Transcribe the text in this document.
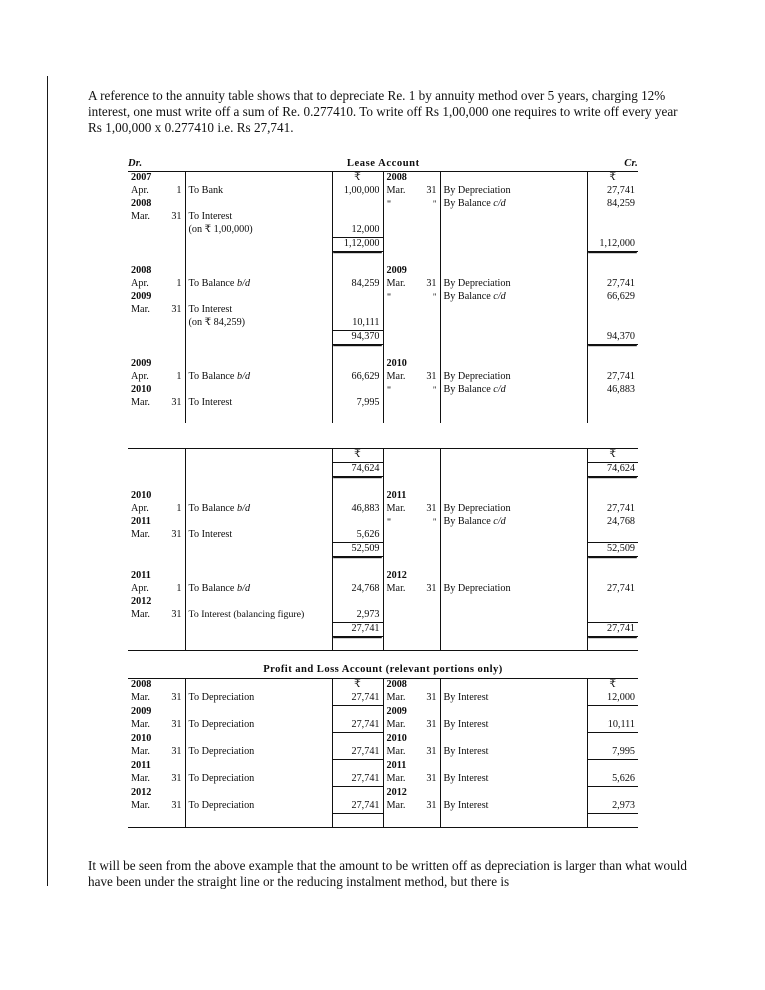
A reference to the annuity table shows that to depreciate Re. 1 by annuity method over 5 years, charging 12% interest, one must write off a sum of Re. 0.277410. To write off Rs 1,00,000 one requires to write off every year Rs 1,00,000 x 0.277410 i.e. Rs 27,741.

Dr.	Lease Account	Cr.
2007			₹	2008			₹
Apr.	1	To Bank	1,00,000	Mar.	31	By Depreciation	27,741
2008				"	"	By Balance c/d	84,259
Mar.	31	To Interest					
		(on ₹ 1,00,000)	12,000				
			1,12,000				1,12,000

2008				2009			
Apr.	1	To Balance b/d	84,259	Mar.	31	By Depreciation	27,741
2009				"	"	By Balance c/d	66,629
Mar.	31	To Interest					
		(on ₹ 84,259)	10,111				
			94,370				94,370

2009				2010			
Apr.	1	To Balance b/d	66,629	Mar.	31	By Depreciation	27,741
2010				"	"	By Balance c/d	46,883
Mar.	31	To Interest	7,995				

			₹				₹
			74,624				74,624

2010				2011			
Apr.	1	To Balance b/d	46,883	Mar.	31	By Depreciation	27,741
2011				"	"	By Balance c/d	24,768
Mar.	31	To Interest	5,626				
			52,509				52,509

2011				2012			
Apr.	1	To Balance b/d	24,768	Mar.	31	By Depreciation	27,741
2012							
Mar.	31	To Interest (balancing figure)	2,973				
			27,741				27,741

Profit and Loss Account (relevant portions only)
2008			₹	2008			₹
Mar.	31	To Depreciation	27,741	Mar.	31	By Interest	12,000
2009				2009			
Mar.	31	To Depreciation	27,741	Mar.	31	By Interest	10,111
2010				2010			
Mar.	31	To Depreciation	27,741	Mar.	31	By Interest	7,995
2011				2011			
Mar.	31	To Depreciation	27,741	Mar.	31	By Interest	5,626
2012				2012			
Mar.	31	To Depreciation	27,741	Mar.	31	By Interest	2,973

It will be seen from the above example that the amount to be written off as depreciation is larger than what would have been under the straight line or the reducing instalment method, but there is
